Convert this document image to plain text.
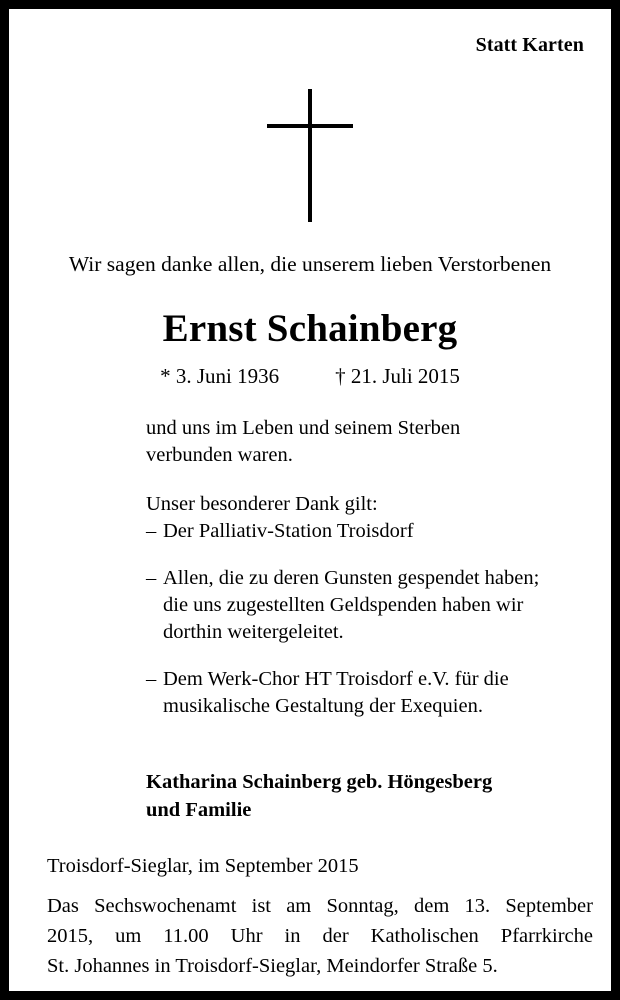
Statt Karten
Wir sagen danke allen, die unserem lieben Verstorbenen
Ernst Schainberg
* 3. Juni 1936	† 21. Juli 2015
und uns im Leben und seinem Sterben
verbunden waren.
Unser besonderer Dank gilt:
– Der Palliativ-Station Troisdorf
– Allen, die zu deren Gunsten gespendet haben;
die uns zugestellten Geldspenden haben wir
dorthin weitergeleitet.
– Dem Werk-Chor HT Troisdorf e.V. für die
musikalische Gestaltung der Exequien.
Katharina Schainberg geb. Höngesberg
und Familie
Troisdorf-Sieglar, im September 2015
Das Sechswochenamt ist am Sonntag, dem 13. September
2015, um 11.00 Uhr in der Katholischen Pfarrkirche
St. Johannes in Troisdorf-Sieglar, Meindorfer Straße 5.
